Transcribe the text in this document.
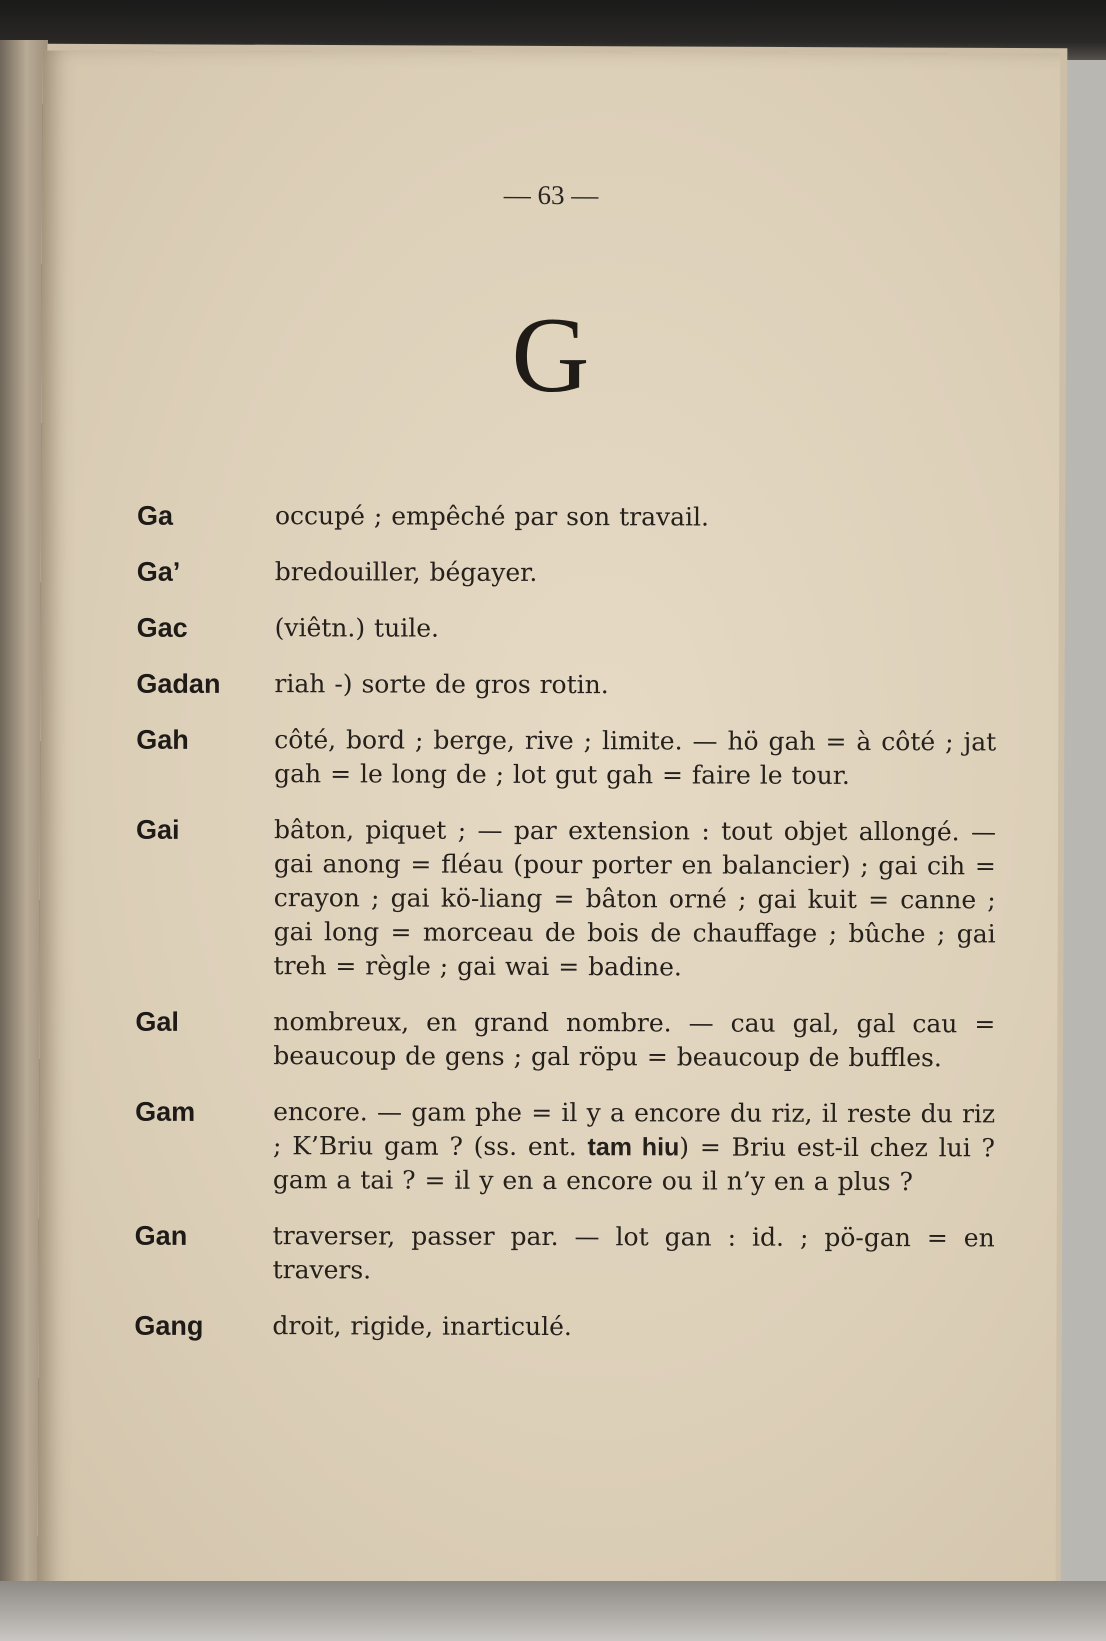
— 63 —
G
Ga	occupé ; empêché par son travail.
Ga’	bredouiller, bégayer.
Gac	(viêtn.) tuile.
Gadan	riah -) sorte de gros rotin.
Gah	côté, bord ; berge, rive ; limite. — hö gah = à côté ; jat gah = le long de ; lot gut gah = faire le tour.
Gai	bâton, piquet ; — par extension : tout objet allongé. — gai anong = fléau (pour porter en balancier) ; gai cih = crayon ; gai kö-liang = bâton orné ; gai kuit = canne ; gai long = morceau de bois de chauffage ; bûche ; gai treh = règle ; gai wai = badine.
Gal	nombreux, en grand nombre. — cau gal, gal cau = beaucoup de gens ; gal röpu = beaucoup de buffles.
Gam	encore. — gam phe = il y a encore du riz, il reste du riz ; K’Briu gam ? (ss. ent. tam hiu) = Briu est-il chez lui ? gam a tai ? = il y en a encore ou il n’y en a plus ?
Gan	traverser, passer par. — lot gan : id. ; pö-gan = en travers.
Gang	droit, rigide, inarticulé.
